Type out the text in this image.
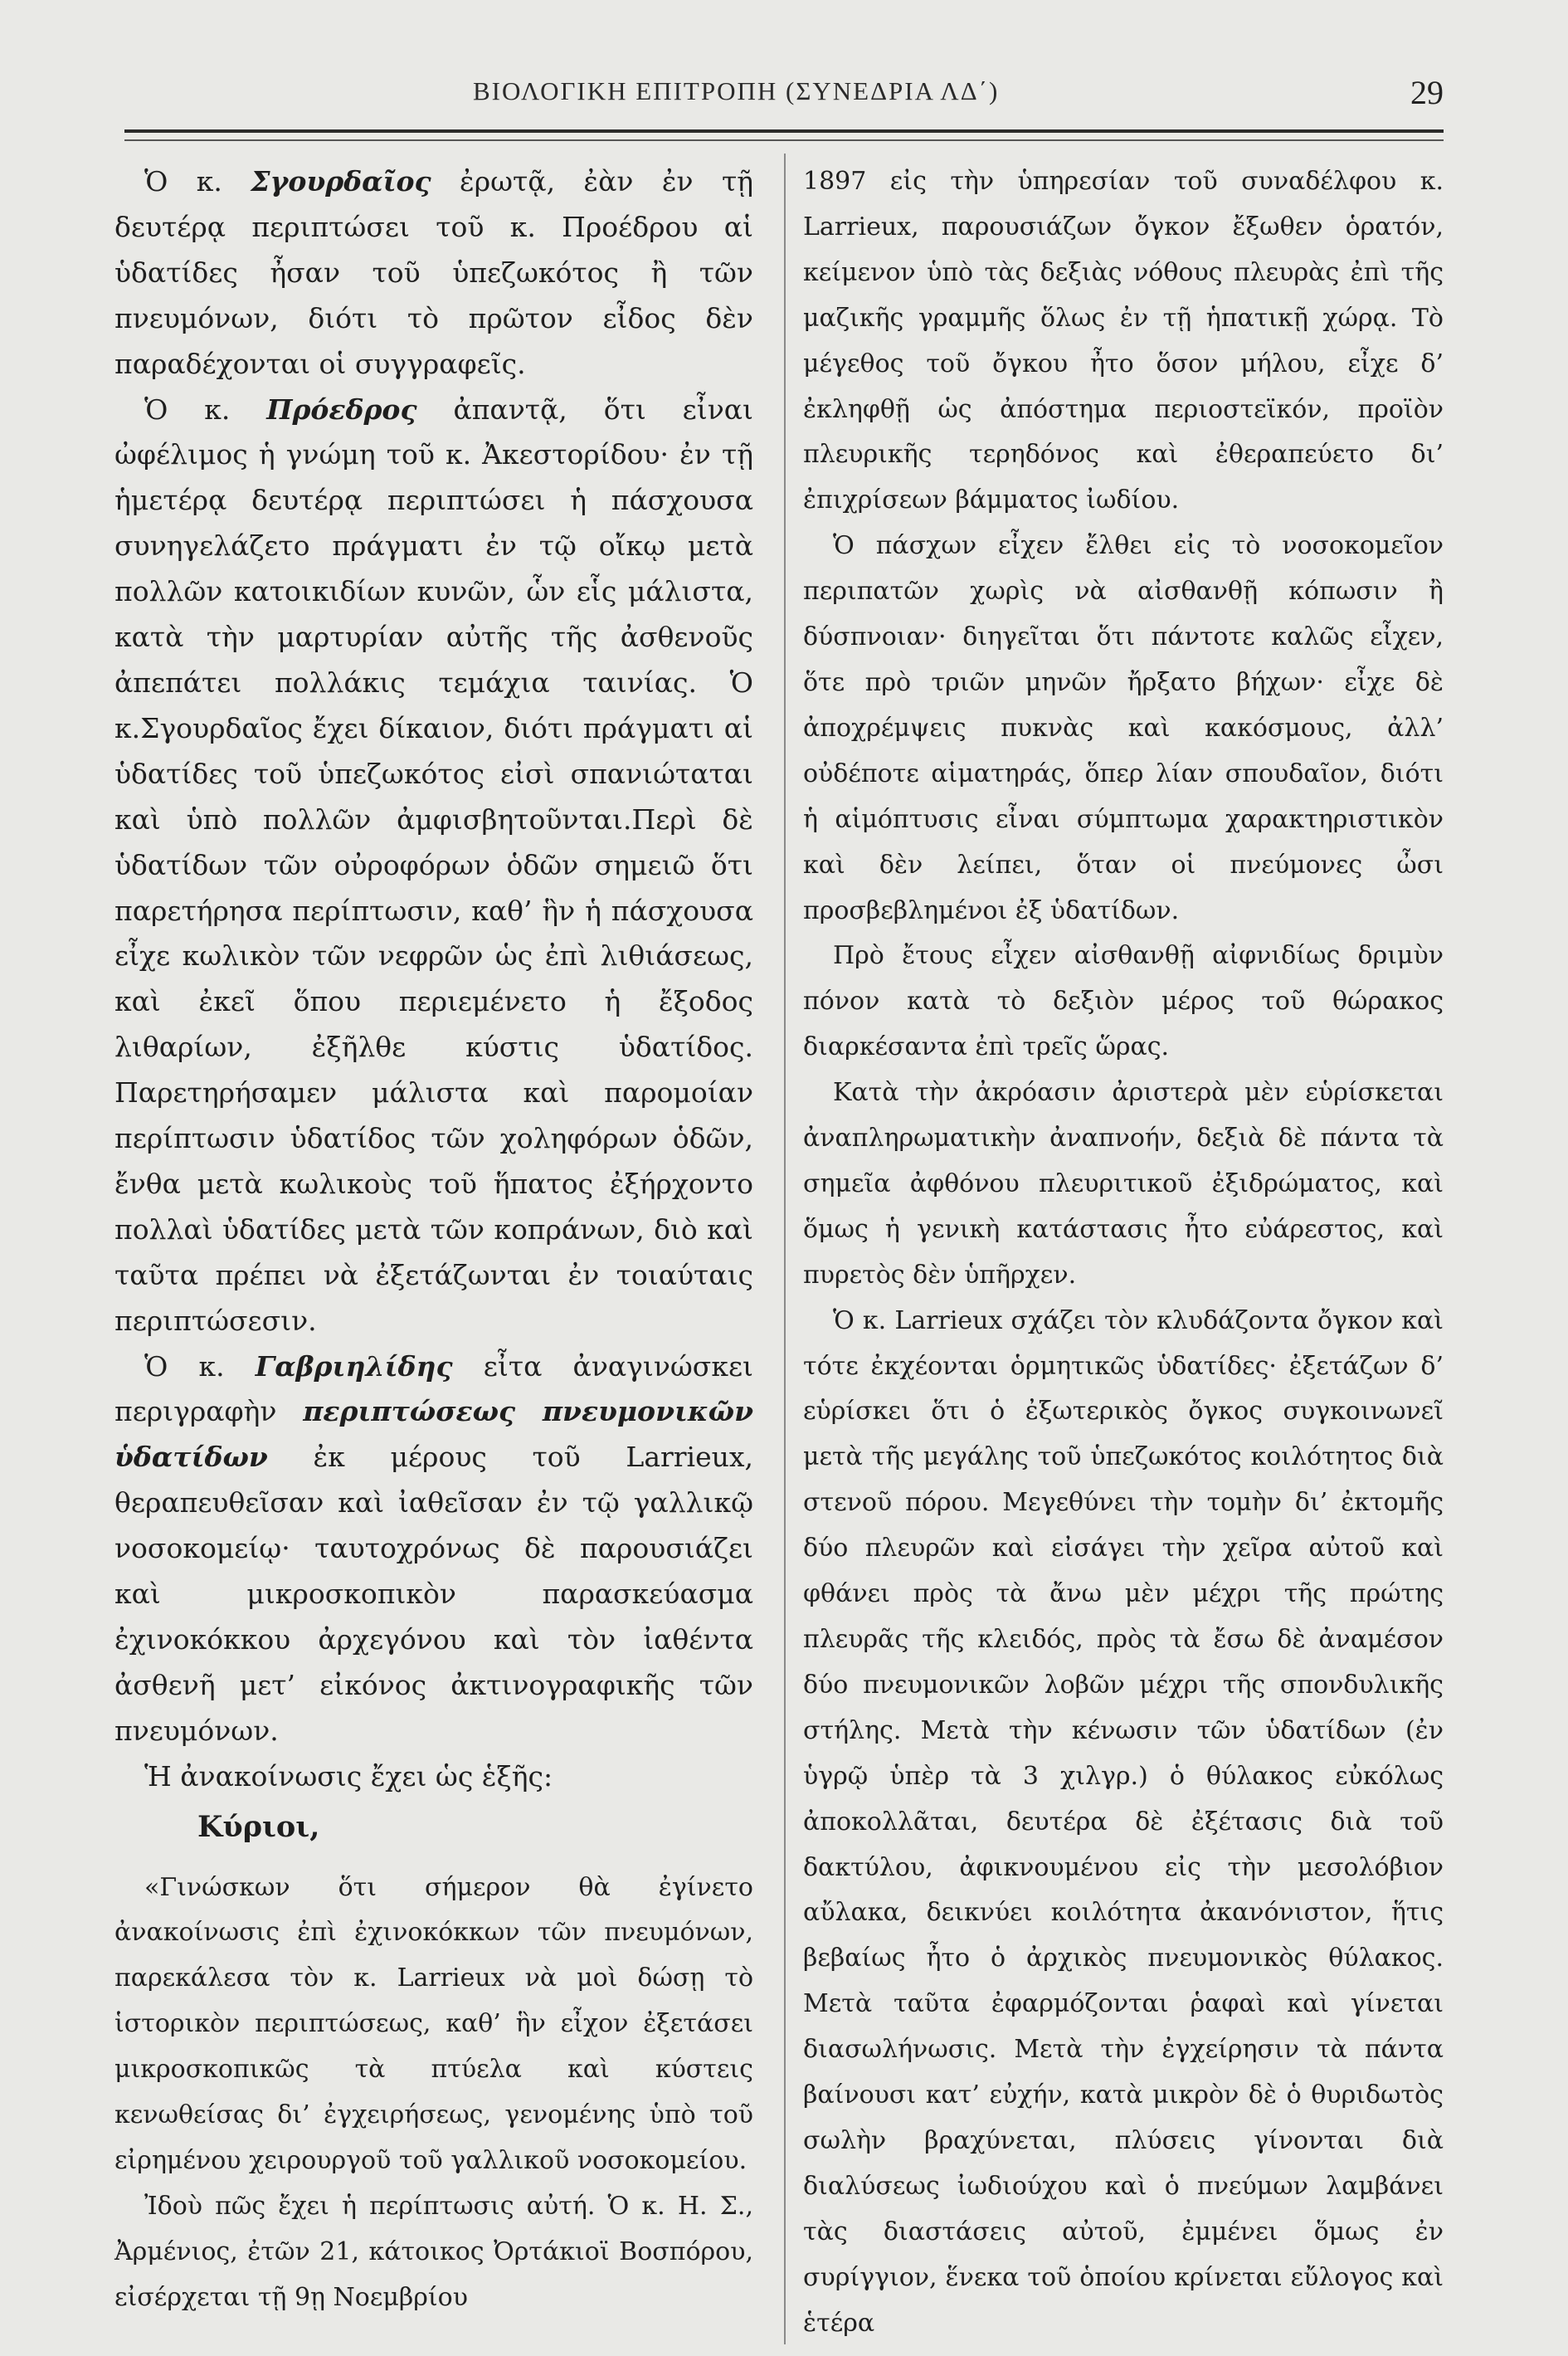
ΒΙΟΛΟΓΙΚΗ ΕΠΙΤΡΟΠΗ (ΣΥΝΕΔΡΙΑ ΛΔ΄)	29

Ὁ κ. Σγουρδαῖος ἐρωτᾷ, ἐὰν ἐν τῇ δευτέρᾳ περιπτώσει τοῦ κ. Προέδρου αἱ ὑδατίδες ἦσαν τοῦ ὑπεζωκότος ἢ τῶν πνευμόνων, διότι τὸ πρῶτον εἶδος δὲν παραδέχονται οἱ συγγραφεῖς.

Ὁ κ. Πρόεδρος ἀπαντᾷ, ὅτι εἶναι ὠφέλιμος ἡ γνώμη τοῦ κ. Ἀκεστορίδου· ἐν τῇ ἡμετέρᾳ δευτέρᾳ περιπτώσει ἡ πάσχουσα συνηγελάζετο πράγματι ἐν τῷ οἴκῳ μετὰ πολλῶν κατοικιδίων κυνῶν, ὧν εἷς μάλιστα, κατὰ τὴν μαρτυρίαν αὐτῆς τῆς ἀσθενοῦς ἀπεπάτει πολλάκις τεμάχια ταινίας. Ὁ κ.Σγουρδαῖος ἔχει δίκαιον, διότι πράγματι αἱ ὑδατίδες τοῦ ὑπεζωκότος εἰσὶ σπανιώταται καὶ ὑπὸ πολλῶν ἀμφισβητοῦνται.Περὶ δὲ ὑδατίδων τῶν οὐροφόρων ὁδῶν σημειῶ ὅτι παρετήρησα περίπτωσιν, καθ’ ἣν ἡ πάσχουσα εἶχε κωλικὸν τῶν νεφρῶν ὡς ἐπὶ λιθιάσεως, καὶ ἐκεῖ ὅπου περιεμένετο ἡ ἔξοδος λιθαρίων, ἐξῆλθε κύστις ὑδατίδος. Παρετηρήσαμεν μάλιστα καὶ παρομοίαν περίπτωσιν ὑδατίδος τῶν χοληφόρων ὁδῶν, ἔνθα μετὰ κωλικοὺς τοῦ ἥπατος ἐξήρχοντο πολλαὶ ὑδατίδες μετὰ τῶν κοπράνων, διὸ καὶ ταῦτα πρέπει νὰ ἐξετάζωνται ἐν τοιαύταις περιπτώσεσιν.

Ὁ κ. Γαβριηλίδης εἶτα ἀναγινώσκει περιγραφὴν περιπτώσεως πνευμονικῶν ὑδατίδων ἐκ μέρους τοῦ Larrieux, θεραπευθεῖσαν καὶ ἰαθεῖσαν ἐν τῷ γαλλικῷ νοσοκομείῳ· ταυτοχρόνως δὲ παρουσιάζει καὶ μικροσκοπικὸν παρασκεύασμα ἐχινοκόκκου ἀρχεγόνου καὶ τὸν ἰαθέντα ἀσθενῆ μετ’ εἰκόνος ἀκτινογραφικῆς τῶν πνευμόνων.

Ἡ ἀνακοίνωσις ἔχει ὡς ἑξῆς:

Κύριοι,

«Γινώσκων ὅτι σήμερον θὰ ἐγίνετο ἀνακοίνωσις ἐπὶ ἐχινοκόκκων τῶν πνευμόνων, παρεκάλεσα τὸν κ. Larrieux νὰ μοὶ δώσῃ τὸ ἱστορικὸν περιπτώσεως, καθ’ ἣν εἶχον ἐξετάσει μικροσκοπικῶς τὰ πτύελα καὶ κύστεις κενωθείσας δι’ ἐγχειρήσεως, γενομένης ὑπὸ τοῦ εἰρημένου χειρουργοῦ τοῦ γαλλικοῦ νοσοκομείου.

Ἰδοὺ πῶς ἔχει ἡ περίπτωσις αὐτή. Ὁ κ. Η. Σ., Ἀρμένιος, ἐτῶν 21, κάτοικος Ὀρτάκιοϊ Βοσπόρου, εἰσέρχεται τῇ 9ῃ Νοεμβρίου

1897 εἰς τὴν ὑπηρεσίαν τοῦ συναδέλφου κ. Larrieux, παρουσιάζων ὄγκον ἔξωθεν ὁρατόν, κείμενον ὑπὸ τὰς δεξιὰς νόθους πλευρὰς ἐπὶ τῆς μαζικῆς γραμμῆς ὅλως ἐν τῇ ἡπατικῇ χώρᾳ. Τὸ μέγεθος τοῦ ὄγκου ἦτο ὅσον μήλου, εἶχε δ’ ἐκληφθῇ ὡς ἀπόστημα περιοστεϊκόν, προϊὸν πλευρικῆς τερηδόνος καὶ ἐθεραπεύετο δι’ ἐπιχρίσεων βάμματος ἰωδίου.

Ὁ πάσχων εἶχεν ἔλθει εἰς τὸ νοσοκομεῖον περιπατῶν χωρὶς νὰ αἰσθανθῇ κόπωσιν ἢ δύσπνοιαν· διηγεῖται ὅτι πάντοτε καλῶς εἶχεν, ὅτε πρὸ τριῶν μηνῶν ἤρξατο βήχων· εἶχε δὲ ἀποχρέμψεις πυκνὰς καὶ κακόσμους, ἀλλ’ οὐδέποτε αἱματηράς, ὅπερ λίαν σπουδαῖον, διότι ἡ αἱμόπτυσις εἶναι σύμπτωμα χαρακτηριστικὸν καὶ δὲν λείπει, ὅταν οἱ πνεύμονες ὦσι προσβεβλημένοι ἐξ ὑδατίδων.

Πρὸ ἔτους εἶχεν αἰσθανθῇ αἰφνιδίως δριμὺν πόνον κατὰ τὸ δεξιὸν μέρος τοῦ θώρακος διαρκέσαντα ἐπὶ τρεῖς ὥρας.

Κατὰ τὴν ἀκρόασιν ἀριστερὰ μὲν εὑρίσκεται ἀναπληρωματικὴν ἀναπνοήν, δεξιὰ δὲ πάντα τὰ σημεῖα ἀφθόνου πλευριτικοῦ ἐξιδρώματος, καὶ ὅμως ἡ γενικὴ κατάστασις ἦτο εὐάρεστος, καὶ πυρετὸς δὲν ὑπῆρχεν.

Ὁ κ. Larrieux σχάζει τὸν κλυδάζοντα ὄγκον καὶ τότε ἐκχέονται ὁρμητικῶς ὑδατίδες· ἐξετάζων δ’ εὑρίσκει ὅτι ὁ ἐξωτερικὸς ὄγκος συγκοινωνεῖ μετὰ τῆς μεγάλης τοῦ ὑπεζωκότος κοιλότητος διὰ στενοῦ πόρου. Μεγεθύνει τὴν τομὴν δι’ ἐκτομῆς δύο πλευρῶν καὶ εἰσάγει τὴν χεῖρα αὐτοῦ καὶ φθάνει πρὸς τὰ ἄνω μὲν μέχρι τῆς πρώτης πλευρᾶς τῆς κλειδός, πρὸς τὰ ἔσω δὲ ἀναμέσον δύο πνευμονικῶν λοβῶν μέχρι τῆς σπονδυλικῆς στήλης. Μετὰ τὴν κένωσιν τῶν ὑδατίδων (ἐν ὑγρῷ ὑπὲρ τὰ 3 χιλγρ.) ὁ θύλακος εὐκόλως ἀποκολλᾶται, δευτέρα δὲ ἐξέτασις διὰ τοῦ δακτύλου, ἀφικνουμένου εἰς τὴν μεσολόβιον αὔλακα, δεικνύει κοιλότητα ἀκανόνιστον, ἥτις βεβαίως ἦτο ὁ ἀρχικὸς πνευμονικὸς θύλακος. Μετὰ ταῦτα ἐφαρμόζονται ῥαφαὶ καὶ γίνεται διασωλήνωσις. Μετὰ τὴν ἐγχείρησιν τὰ πάντα βαίνουσι κατ’ εὐχήν, κατὰ μικρὸν δὲ ὁ θυριδωτὸς σωλὴν βραχύνεται, πλύσεις γίνονται διὰ διαλύσεως ἰωδιούχου καὶ ὁ πνεύμων λαμβάνει τὰς διαστάσεις αὐτοῦ, ἐμμένει ὅμως ἐν συρίγγιον, ἕνεκα τοῦ ὁποίου κρίνεται εὔλογος καὶ ἑτέρα
